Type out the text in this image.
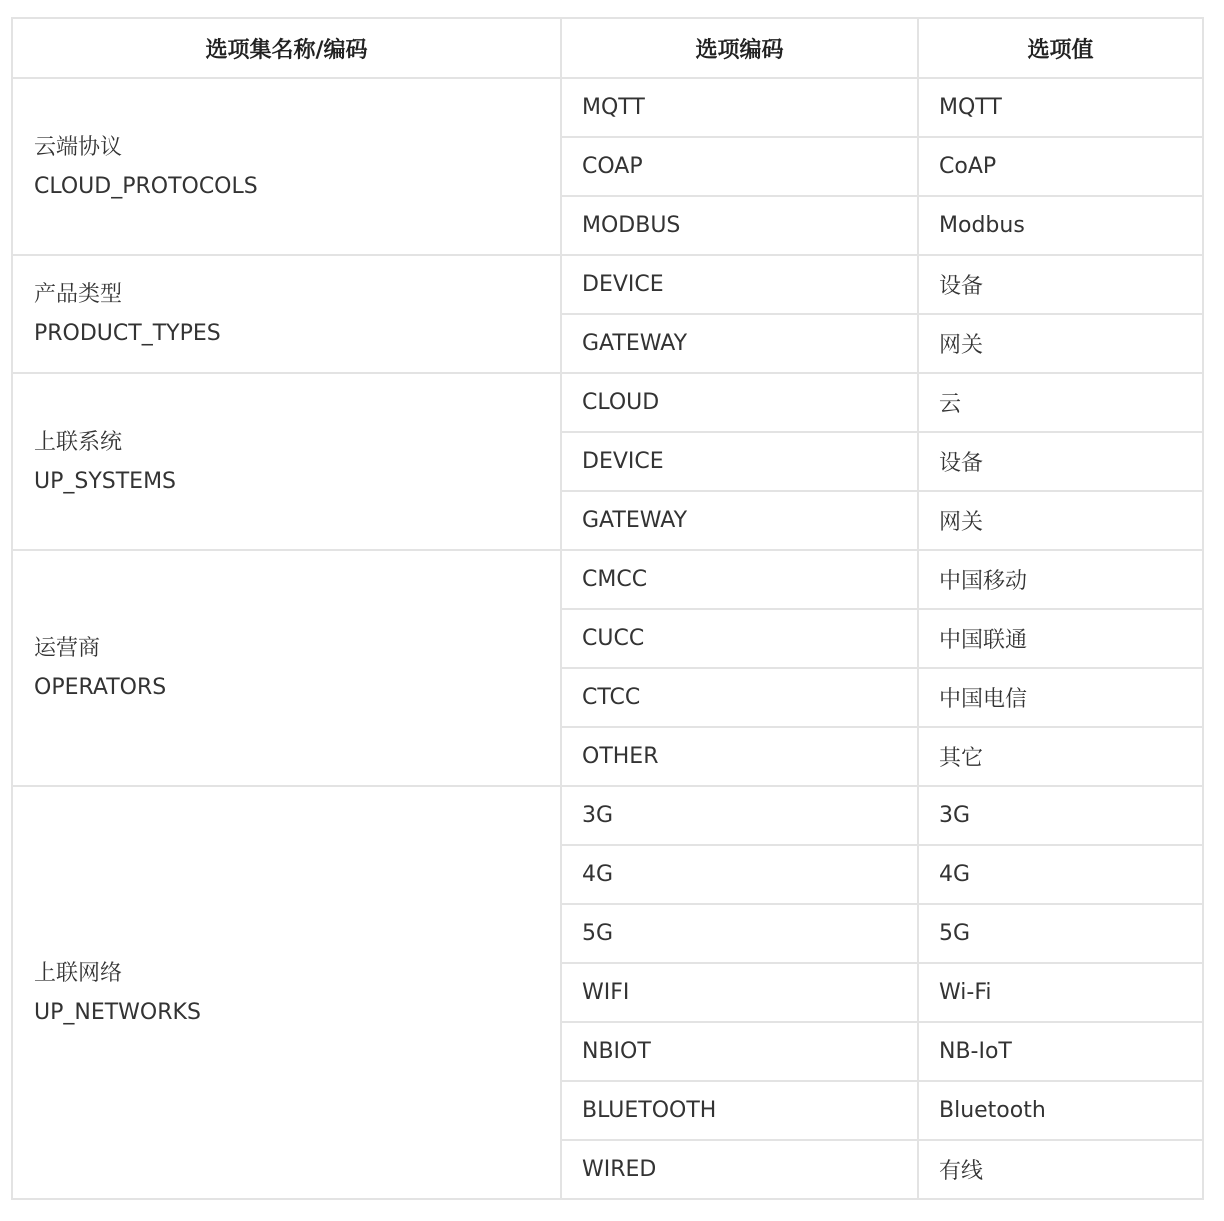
选项集名称/编码	选项编码	选项值

云端协议
CLOUD_PROTOCOLS	MQTT	MQTT
	COAP	CoAP
	MODBUS	Modbus

产品类型
PRODUCT_TYPES	DEVICE	设备
	GATEWAY	网关

上联系统
UP_SYSTEMS	CLOUD	云
	DEVICE	设备
	GATEWAY	网关

运营商
OPERATORS	CMCC	中国移动
	CUCC	中国联通
	CTCC	中国电信
	OTHER	其它

上联网络
UP_NETWORKS	3G	3G
	4G	4G
	5G	5G
	WIFI	Wi-Fi
	NBIOT	NB-IoT
	BLUETOOTH	Bluetooth
	WIRED	有线
